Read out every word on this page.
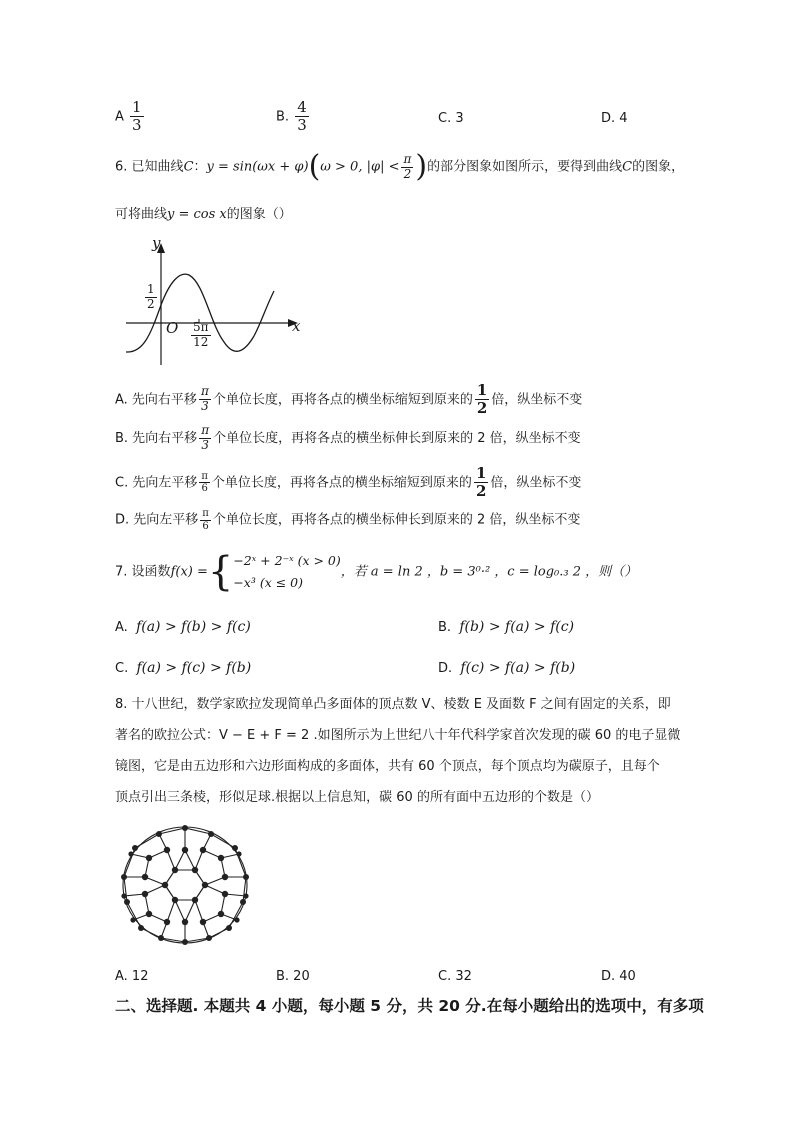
A $\frac{1}{3}$	B. $\frac{4}{3}$	C. 3	D. 4
6. 已知曲线C：y = sin(ωx + φ)(ω > 0, $|\varphi| < \frac{\pi}{2}$ )的部分图象如图所示，要得到曲线C的图象，
可将曲线y = cos x的图象（）
y
x
O
$\frac{1}{2}$
$\frac{5\pi}{12}$
A. 先向右平移 $\frac{\pi}{3}$ 个单位长度，再将各点的横坐标缩短到原来的 $\frac{1}{2}$ 倍，纵坐标不变
B. 先向右平移 $\frac{\pi}{3}$ 个单位长度，再将各点的横坐标伸长到原来的 2 倍，纵坐标不变
C. 先向左平移 $\frac{\pi}{6}$ 个单位长度，再将各点的横坐标缩短到原来的 $\frac{1}{2}$ 倍，纵坐标不变
D. 先向左平移 $\frac{\pi}{6}$ 个单位长度，再将各点的横坐标伸长到原来的 2 倍，纵坐标不变
7. 设函数f(x) ={ −2ˣ + 2⁻ˣ (x > 0)
−x³ (x ≤ 0)
，若 a = ln 2 ，b = 3⁰·² ，c = log₀.₃ 2 ，则（）
A. f(a) > f(b) > f(c)	B. f(b) > f(a) > f(c)
C. f(a) > f(c) > f(b)	D. f(c) > f(a) > f(b)
8. 十八世纪，数学家欧拉发现简单凸多面体的顶点数 V、棱数 E 及面数 F 之间有固定的关系，即
著名的欧拉公式：V − E + F = 2 .如图所示为上世纪八十年代科学家首次发现的碳 60 的电子显微
镜图，它是由五边形和六边形面构成的多面体，共有 60 个顶点，每个顶点均为碳原子，且每个
顶点引出三条棱，形似足球.根据以上信息知，碳 60 的所有面中五边形的个数是（）
A. 12	B. 20	C. 32	D. 40
二、选择题. 本题共 4 小题，每小题 5 分，共 20 分.在每小题给出的选项中，有多项
